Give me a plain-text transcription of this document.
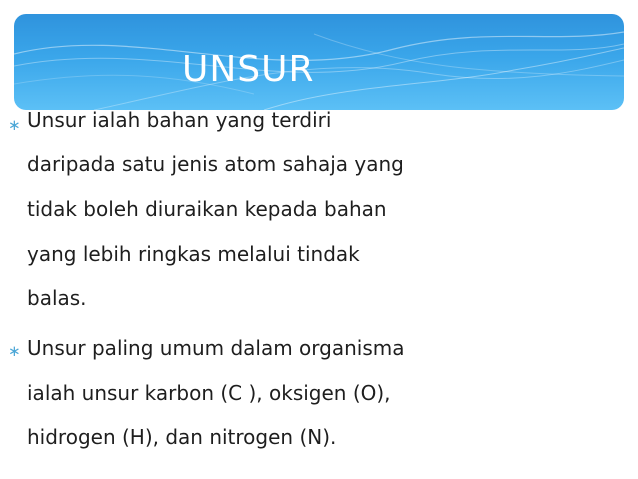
UNSUR
∗ Unsur ialah bahan yang terdiri
daripada satu jenis atom sahaja yang
tidak boleh diuraikan kepada bahan
yang lebih ringkas melalui tindak
balas.
∗ Unsur paling umum dalam organisma
ialah unsur karbon (C ), oksigen (O),
hidrogen (H), dan nitrogen (N).
